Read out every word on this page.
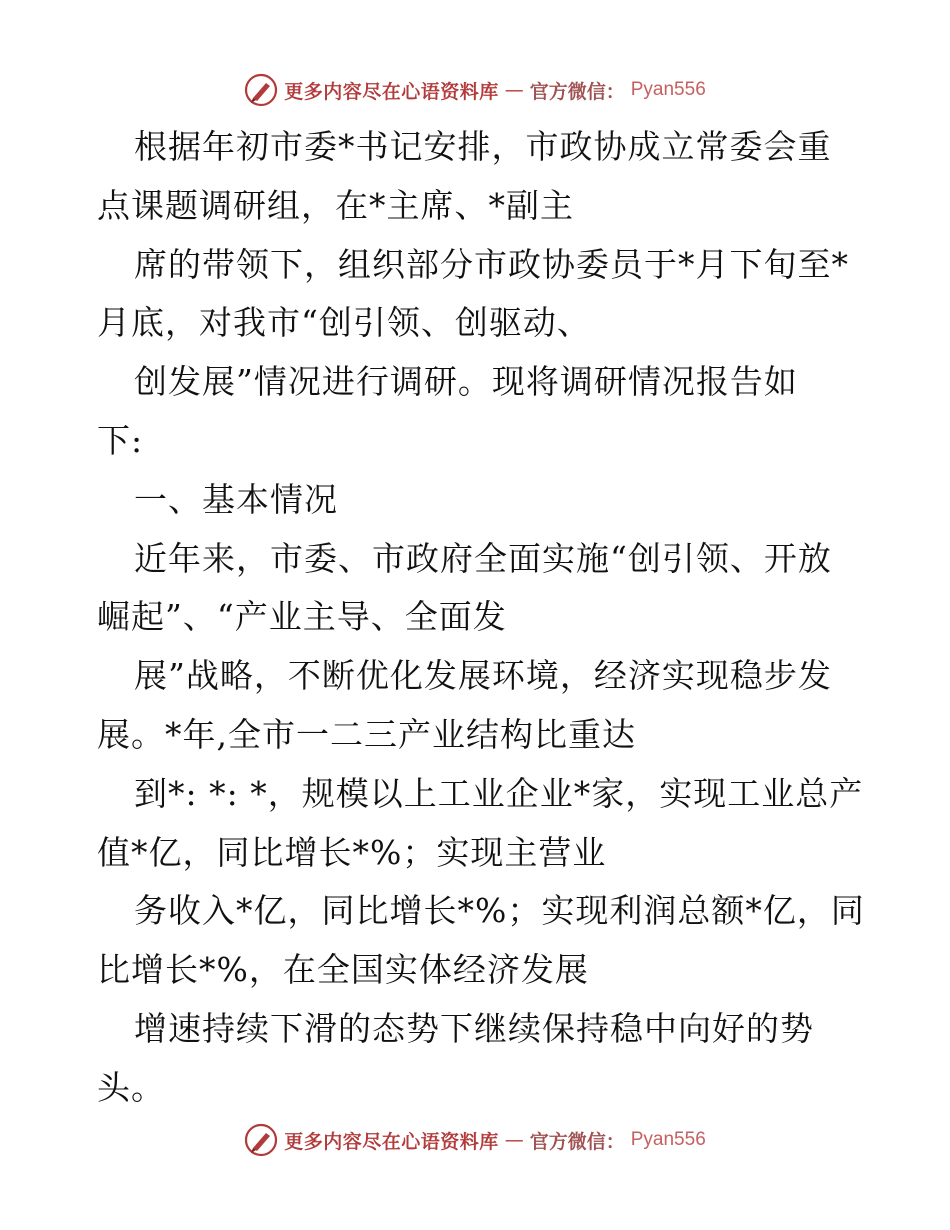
更多内容尽在心语资料库 — 官方微信： Pyan556
根据年初市委*书记安排，市政协成立常委会重
点课题调研组，在*主席、*副主
席的带领下，组织部分市政协委员于*月下旬至*
月底，对我市“创引领、创驱动、
创发展”情况进行调研。现将调研情况报告如
下:
一、基本情况
近年来，市委、市政府全面实施“创引领、开放
崛起”、“产业主导、全面发
展”战略，不断优化发展环境，经济实现稳步发
展。*年,全市一二三产业结构比重达
到*: *: *，规模以上工业企业*家，实现工业总产
值*亿，同比增长*%；实现主营业
务收入*亿，同比增长*%；实现利润总额*亿，同
比增长*%，在全国实体经济发展
增速持续下滑的态势下继续保持稳中向好的势
头。
更多内容尽在心语资料库 — 官方微信： Pyan556
